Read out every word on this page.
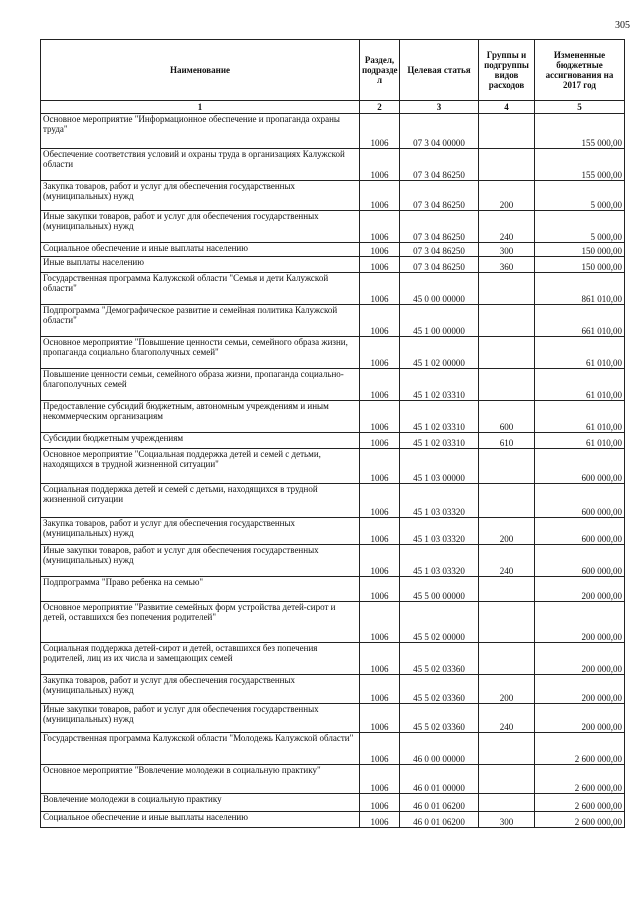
305
Наименование	Раздел, подразде л	Целевая статья	Группы и подгруппы видов расходов	Измененные бюджетные ассигнования на 2017 год
1	2	3	4	5
Основное мероприятие "Информационное обеспечение и пропаганда охраны труда"	1006	07 3 04 00000		155 000,00
Обеспечение соответствия условий и охраны труда в организациях Калужской области	1006	07 3 04 86250		155 000,00
Закупка товаров, работ и услуг для обеспечения государственных (муниципальных) нужд	1006	07 3 04 86250	200	5 000,00
Иные закупки товаров, работ и услуг для обеспечения государственных (муниципальных) нужд	1006	07 3 04 86250	240	5 000,00
Социальное обеспечение и иные выплаты населению	1006	07 3 04 86250	300	150 000,00
Иные выплаты населению	1006	07 3 04 86250	360	150 000,00
Государственная программа Калужской области "Семья и дети Калужской области"	1006	45 0 00 00000		861 010,00
Подпрограмма "Демографическое развитие и семейная политика Калужской области"	1006	45 1 00 00000		661 010,00
Основное мероприятие "Повышение ценности семьи, семейного образа жизни, пропаганда социально благополучных семей"	1006	45 1 02 00000		61 010,00
Повышение ценности семьи, семейного образа жизни, пропаганда социально-благополучных семей	1006	45 1 02 03310		61 010,00
Предоставление субсидий бюджетным, автономным учреждениям и иным некоммерческим организациям	1006	45 1 02 03310	600	61 010,00
Субсидии бюджетным учреждениям	1006	45 1 02 03310	610	61 010,00
Основное мероприятие "Социальная поддержка детей и семей с детьми, находящихся в трудной жизненной ситуации"	1006	45 1 03 00000		600 000,00
Социальная поддержка детей и семей с детьми, находящихся в трудной жизненной ситуации	1006	45 1 03 03320		600 000,00
Закупка товаров, работ и услуг для обеспечения государственных (муниципальных) нужд	1006	45 1 03 03320	200	600 000,00
Иные закупки товаров, работ и услуг для обеспечения государственных (муниципальных) нужд	1006	45 1 03 03320	240	600 000,00
Подпрограмма "Право ребенка на семью"	1006	45 5 00 00000		200 000,00
Основное мероприятие "Развитие семейных форм устройства детей-сирот и детей, оставшихся без попечения родителей"	1006	45 5 02 00000		200 000,00
Социальная поддержка детей-сирот и детей, оставшихся без попечения родителей, лиц из их числа и замещающих семей	1006	45 5 02 03360		200 000,00
Закупка товаров, работ и услуг для обеспечения государственных (муниципальных) нужд	1006	45 5 02 03360	200	200 000,00
Иные закупки товаров, работ и услуг для обеспечения государственных (муниципальных) нужд	1006	45 5 02 03360	240	200 000,00
Государственная программа Калужской области "Молодежь Калужской области"	1006	46 0 00 00000		2 600 000,00
Основное мероприятие "Вовлечение молодежи в социальную практику"	1006	46 0 01 00000		2 600 000,00
Вовлечение молодежи в социальную практику	1006	46 0 01 06200		2 600 000,00
Социальное обеспечение и иные выплаты населению	1006	46 0 01 06200	300	2 600 000,00
